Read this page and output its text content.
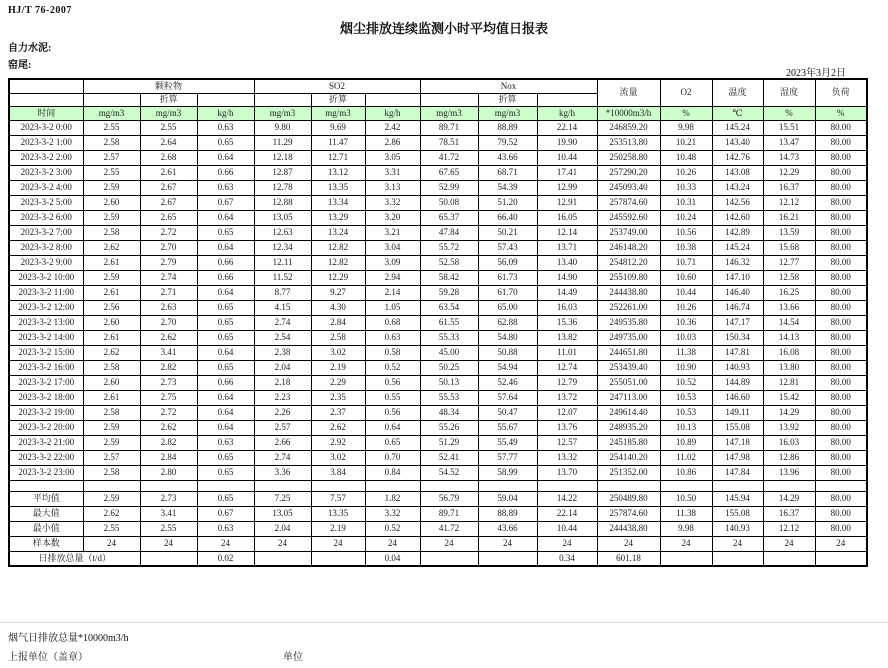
HJ/T 76-2007
烟尘排放连续监测小时平均值日报表
自力水泥:
窑尾:
2023年3月2日
	颗粒物			SO2			Nox			流量	O2	温度	湿度	负荷
		折算			折算			折算						
时间	mg/m3	mg/m3	kg/h	mg/m3	mg/m3	kg/h	mg/m3	mg/m3	kg/h	*10000m3/h	%	℃	%	%
2023-3-2 0:00	2.55	2.55	0.63	9.80	9.69	2.42	89.71	88.89	22.14	246859.20	9.98	145.24	15.51	80.00
2023-3-2 1:00	2.58	2.64	0.65	11.29	11.47	2.86	78.51	79.52	19.90	253513.80	10.21	143.40	13.47	80.00
2023-3-2 2:00	2.57	2.68	0.64	12.18	12.71	3.05	41.72	43.66	10.44	250258.80	10.48	142.76	14.73	80.00
2023-3-2 3:00	2.55	2.61	0.66	12.87	13.12	3.31	67.65	68.71	17.41	257290.20	10.26	143.08	12.29	80.00
2023-3-2 4:00	2.59	2.67	0.63	12.78	13.35	3.13	52.99	54.39	12.99	245093.40	10.33	143.24	16.37	80.00
2023-3-2 5:00	2.60	2.67	0.67	12.88	13.34	3.32	50.08	51.20	12.91	257874.60	10.31	142.56	12.12	80.00
2023-3-2 6:00	2.59	2.65	0.64	13.05	13.29	3.20	65.37	66.40	16.05	245592.60	10.24	142.60	16.21	80.00
2023-3-2 7:00	2.58	2.72	0.65	12.63	13.24	3.21	47.84	50.21	12.14	253749.00	10.56	142.89	13.59	80.00
2023-3-2 8:00	2.62	2.70	0.64	12.34	12.82	3.04	55.72	57.43	13.71	246148.20	10.38	145.24	15.68	80.00
2023-3-2 9:00	2.61	2.79	0.66	12.11	12.82	3.09	52.58	56.09	13.40	254812.20	10.71	146.32	12.77	80.00
2023-3-2 10:00	2.59	2.74	0.66	11.52	12.29	2.94	58.42	61.73	14.90	255109.80	10.60	147.10	12.58	80.00
2023-3-2 11:00	2.61	2.71	0.64	8.77	9.27	2.14	59.28	61.70	14.49	244438.80	10.44	146.40	16.25	80.00
2023-3-2 12:00	2.56	2.63	0.65	4.15	4.30	1.05	63.54	65.00	16.03	252261.00	10.26	146.74	13.66	80.00
2023-3-2 13:00	2.60	2.70	0.65	2.74	2.84	0.68	61.55	62.88	15.36	249535.80	10.36	147.17	14.54	80.00
2023-3-2 14:00	2.61	2.62	0.65	2.54	2.58	0.63	55.33	54.80	13.82	249735.00	10.03	150.34	14.13	80.00
2023-3-2 15:00	2.62	3.41	0.64	2.38	3.02	0.58	45.00	50.88	11.01	244651.80	11.38	147.81	16.08	80.00
2023-3-2 16:00	2.58	2.82	0.65	2.04	2.19	0.52	50.25	54.94	12.74	253439.40	10.90	140.93	13.80	80.00
2023-3-2 17:00	2.60	2.73	0.66	2.18	2.29	0.56	50.13	52.46	12.79	255051.00	10.52	144.89	12.81	80.00
2023-3-2 18:00	2.61	2.75	0.64	2.23	2.35	0.55	55.53	57.64	13.72	247113.00	10.53	146.60	15.42	80.00
2023-3-2 19:00	2.58	2.72	0.64	2.26	2.37	0.56	48.34	50.47	12.07	249614.40	10.53	149.11	14.29	80.00
2023-3-2 20:00	2.59	2.62	0.64	2.57	2.62	0.64	55.26	55.67	13.76	248935.20	10.13	155.08	13.92	80.00
2023-3-2 21:00	2.59	2.82	0.63	2.66	2.92	0.65	51.29	55.49	12.57	245185.80	10.89	147.18	16.03	80.00
2023-3-2 22:00	2.57	2.84	0.65	2.74	3.02	0.70	52.41	57.77	13.32	254140.20	11.02	147.98	12.86	80.00
2023-3-2 23:00	2.58	2.80	0.65	3.36	3.84	0.84	54.52	58.99	13.70	251352.00	10.86	147.84	13.96	80.00

平均值	2.59	2.73	0.65	7.25	7.57	1.82	56.79	59.04	14.22	250489.80	10.50	145.94	14.29	80.00
最大值	2.62	3.41	0.67	13.05	13.35	3.32	89.71	88.89	22.14	257874.60	11.38	155.08	16.37	80.00
最小值	2.55	2.55	0.63	2.04	2.19	0.52	41.72	43.66	10.44	244438.80	9.98	140.93	12.12	80.00
样本数	24	24	24	24	24	24	24	24	24	24	24	24	24	24
日排放总量（t/d）			0.02			0.04			0.34	601.18				
烟气日排放总量*10000m3/h
上报单位（盖章）	单位
